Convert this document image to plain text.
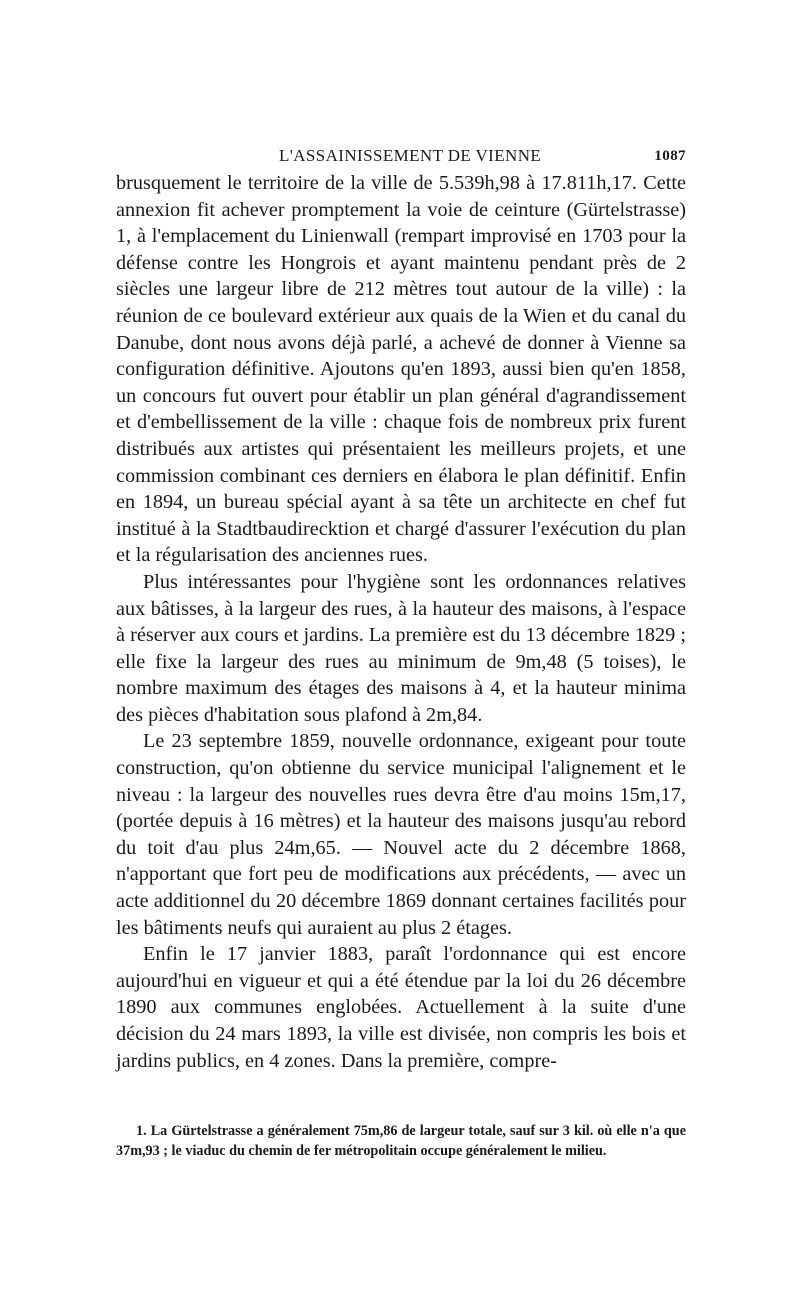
L'ASSAINISSEMENT DE VIENNE	1087

brusquement le territoire de la ville de 5.539h,98 à 17.811h,17. Cette annexion fit achever promptement la voie de ceinture (Gürtelstrasse) 1, à l'emplacement du Linienwall (rempart improvisé en 1703 pour la défense contre les Hongrois et ayant maintenu pendant près de 2 siècles une largeur libre de 212 mètres tout autour de la ville) : la réunion de ce boulevard extérieur aux quais de la Wien et du canal du Danube, dont nous avons déjà parlé, a achevé de donner à Vienne sa configuration définitive. Ajoutons qu'en 1893, aussi bien qu'en 1858, un concours fut ouvert pour établir un plan général d'agrandissement et d'embellissement de la ville : chaque fois de nombreux prix furent distribués aux artistes qui présentaient les meilleurs projets, et une commission combinant ces derniers en élabora le plan définitif. Enfin en 1894, un bureau spécial ayant à sa tête un architecte en chef fut institué à la Stadtbaudirecktion et chargé d'assurer l'exécution du plan et la régularisation des anciennes rues.

Plus intéressantes pour l'hygiène sont les ordonnances relatives aux bâtisses, à la largeur des rues, à la hauteur des maisons, à l'espace à réserver aux cours et jardins. La première est du 13 décembre 1829 ; elle fixe la largeur des rues au minimum de 9m,48 (5 toises), le nombre maximum des étages des maisons à 4, et la hauteur minima des pièces d'habitation sous plafond à 2m,84.

Le 23 septembre 1859, nouvelle ordonnance, exigeant pour toute construction, qu'on obtienne du service municipal l'alignement et le niveau : la largeur des nouvelles rues devra être d'au moins 15m,17, (portée depuis à 16 mètres) et la hauteur des maisons jusqu'au rebord du toit d'au plus 24m,65. — Nouvel acte du 2 décembre 1868, n'apportant que fort peu de modifications aux précédents, — avec un acte additionnel du 20 décembre 1869 donnant certaines facilités pour les bâtiments neufs qui auraient au plus 2 étages.

Enfin le 17 janvier 1883, paraît l'ordonnance qui est encore aujourd'hui en vigueur et qui a été étendue par la loi du 26 décembre 1890 aux communes englobées. Actuellement à la suite d'une décision du 24 mars 1893, la ville est divisée, non compris les bois et jardins publics, en 4 zones. Dans la première, compre-

1. La Gürtelstrasse a généralement 75m,86 de largeur totale, sauf sur 3 kil. où elle n'a que 37m,93 ; le viaduc du chemin de fer métropolitain occupe généralement le milieu.
